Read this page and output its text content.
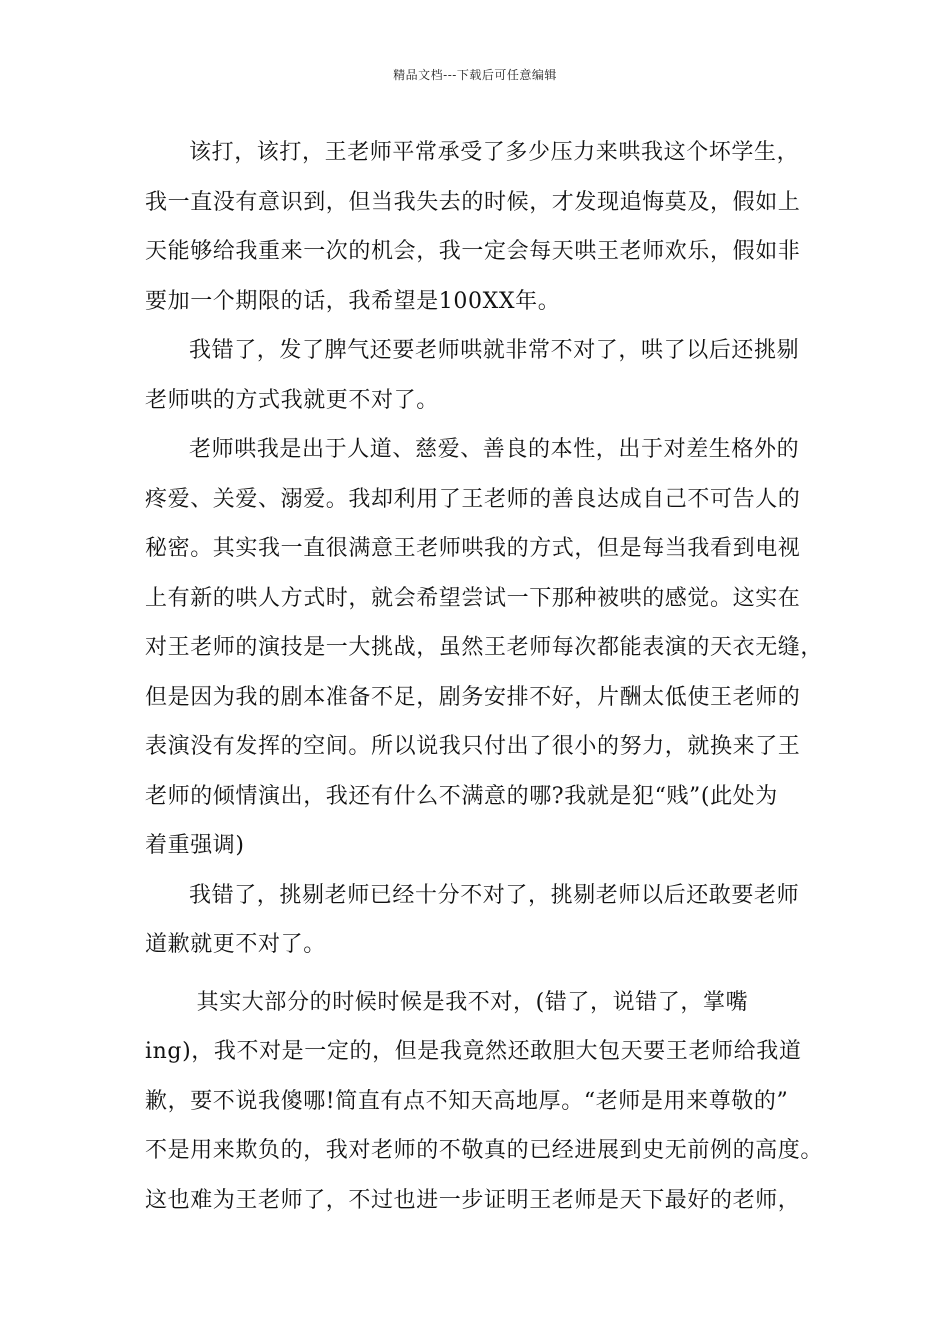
精品文档---下载后可任意编辑

该打，该打，王老师平常承受了多少压力来哄我这个坏学生，
我一直没有意识到，但当我失去的时候，才发现追悔莫及，假如上
天能够给我重来一次的机会，我一定会每天哄王老师欢乐，假如非
要加一个期限的话，我希望是100XX年。

我错了，发了脾气还要老师哄就非常不对了，哄了以后还挑剔
老师哄的方式我就更不对了。

老师哄我是出于人道、慈爱、善良的本性，出于对差生格外的
疼爱、关爱、溺爱。我却利用了王老师的善良达成自己不可告人的
秘密。其实我一直很满意王老师哄我的方式，但是每当我看到电视
上有新的哄人方式时，就会希望尝试一下那种被哄的感觉。这实在
对王老师的演技是一大挑战，虽然王老师每次都能表演的天衣无缝，
但是因为我的剧本准备不足，剧务安排不好，片酬太低使王老师的
表演没有发挥的空间。所以说我只付出了很小的努力，就换来了王
老师的倾情演出，我还有什么不满意的哪?我就是犯“贱”(此处为
着重强调)

我错了，挑剔老师已经十分不对了，挑剔老师以后还敢要老师
道歉就更不对了。

其实大部分的时候时候是我不对，(错了，说错了，掌嘴
ing)，我不对是一定的，但是我竟然还敢胆大包天要王老师给我道
歉，要不说我傻哪!简直有点不知天高地厚。“老师是用来尊敬的”
不是用来欺负的，我对老师的不敬真的已经进展到史无前例的高度。
这也难为王老师了，不过也进一步证明王老师是天下最好的老师，
